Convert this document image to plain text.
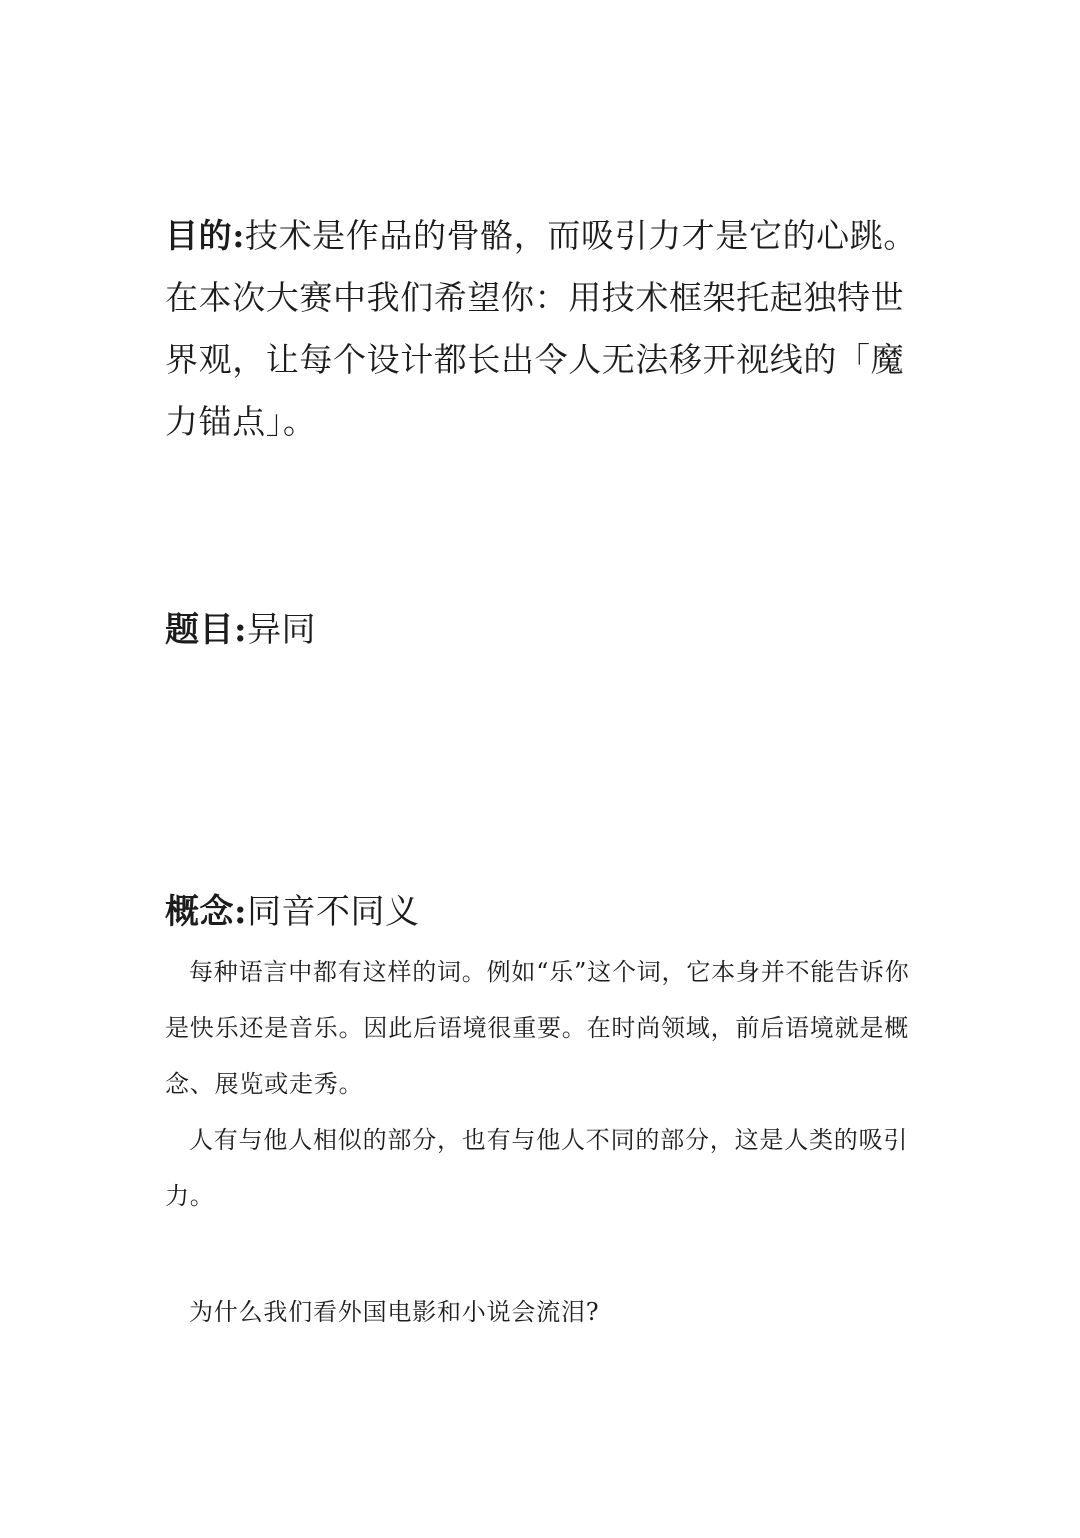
目的:技术是作品的骨骼，而吸引力才是它的心跳。在本次大赛中我们希望你：用技术框架托起独特世界观，让每个设计都长出令人无法移开视线的「魔力锚点」。
题目:异同
概念:同音不同义

每种语言中都有这样的词。例如“乐”这个词，它本身并不能告诉你是快乐还是音乐。因此后语境很重要。在时尚领域，前后语境就是概念、展览或走秀。

人有与他人相似的部分，也有与他人不同的部分，这是人类的吸引力。

为什么我们看外国电影和小说会流泪?
